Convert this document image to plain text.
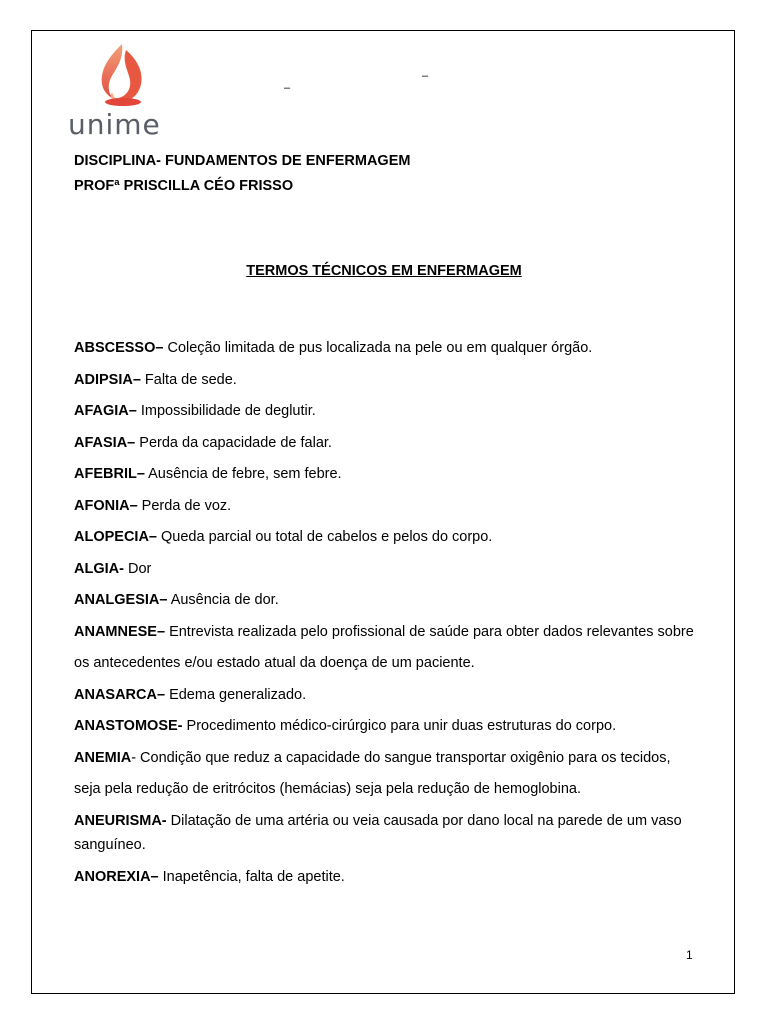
unime
–
–
DISCIPLINA- FUNDAMENTOS DE ENFERMAGEM
PROFª PRISCILLA CÉO FRISSO
TERMOS TÉCNICOS EM ENFERMAGEM

ABSCESSO– Coleção limitada de pus localizada na pele ou em qualquer órgão.

ADIPSIA– Falta de sede.

AFAGIA– Impossibilidade de deglutir.

AFASIA– Perda da capacidade de falar.

AFEBRIL– Ausência de febre, sem febre.

AFONIA– Perda de voz.

ALOPECIA– Queda parcial ou total de cabelos e pelos do corpo.

ALGIA- Dor

ANALGESIA– Ausência de dor.

ANAMNESE– Entrevista realizada pelo profissional de saúde para obter dados relevantes sobre os antecedentes e/ou estado atual da doença de um paciente.

ANASARCA– Edema generalizado.

ANASTOMOSE- Procedimento médico-cirúrgico para unir duas estruturas do corpo.

ANEMIA- Condição que reduz a capacidade do sangue transportar oxigênio para os tecidos, seja pela redução de eritrócitos (hemácias) seja pela redução de hemoglobina.

ANEURISMA- Dilatação de uma artéria ou veia causada por dano local na parede de um vaso sanguíneo.

ANOREXIA– Inapetência, falta de apetite.

1
